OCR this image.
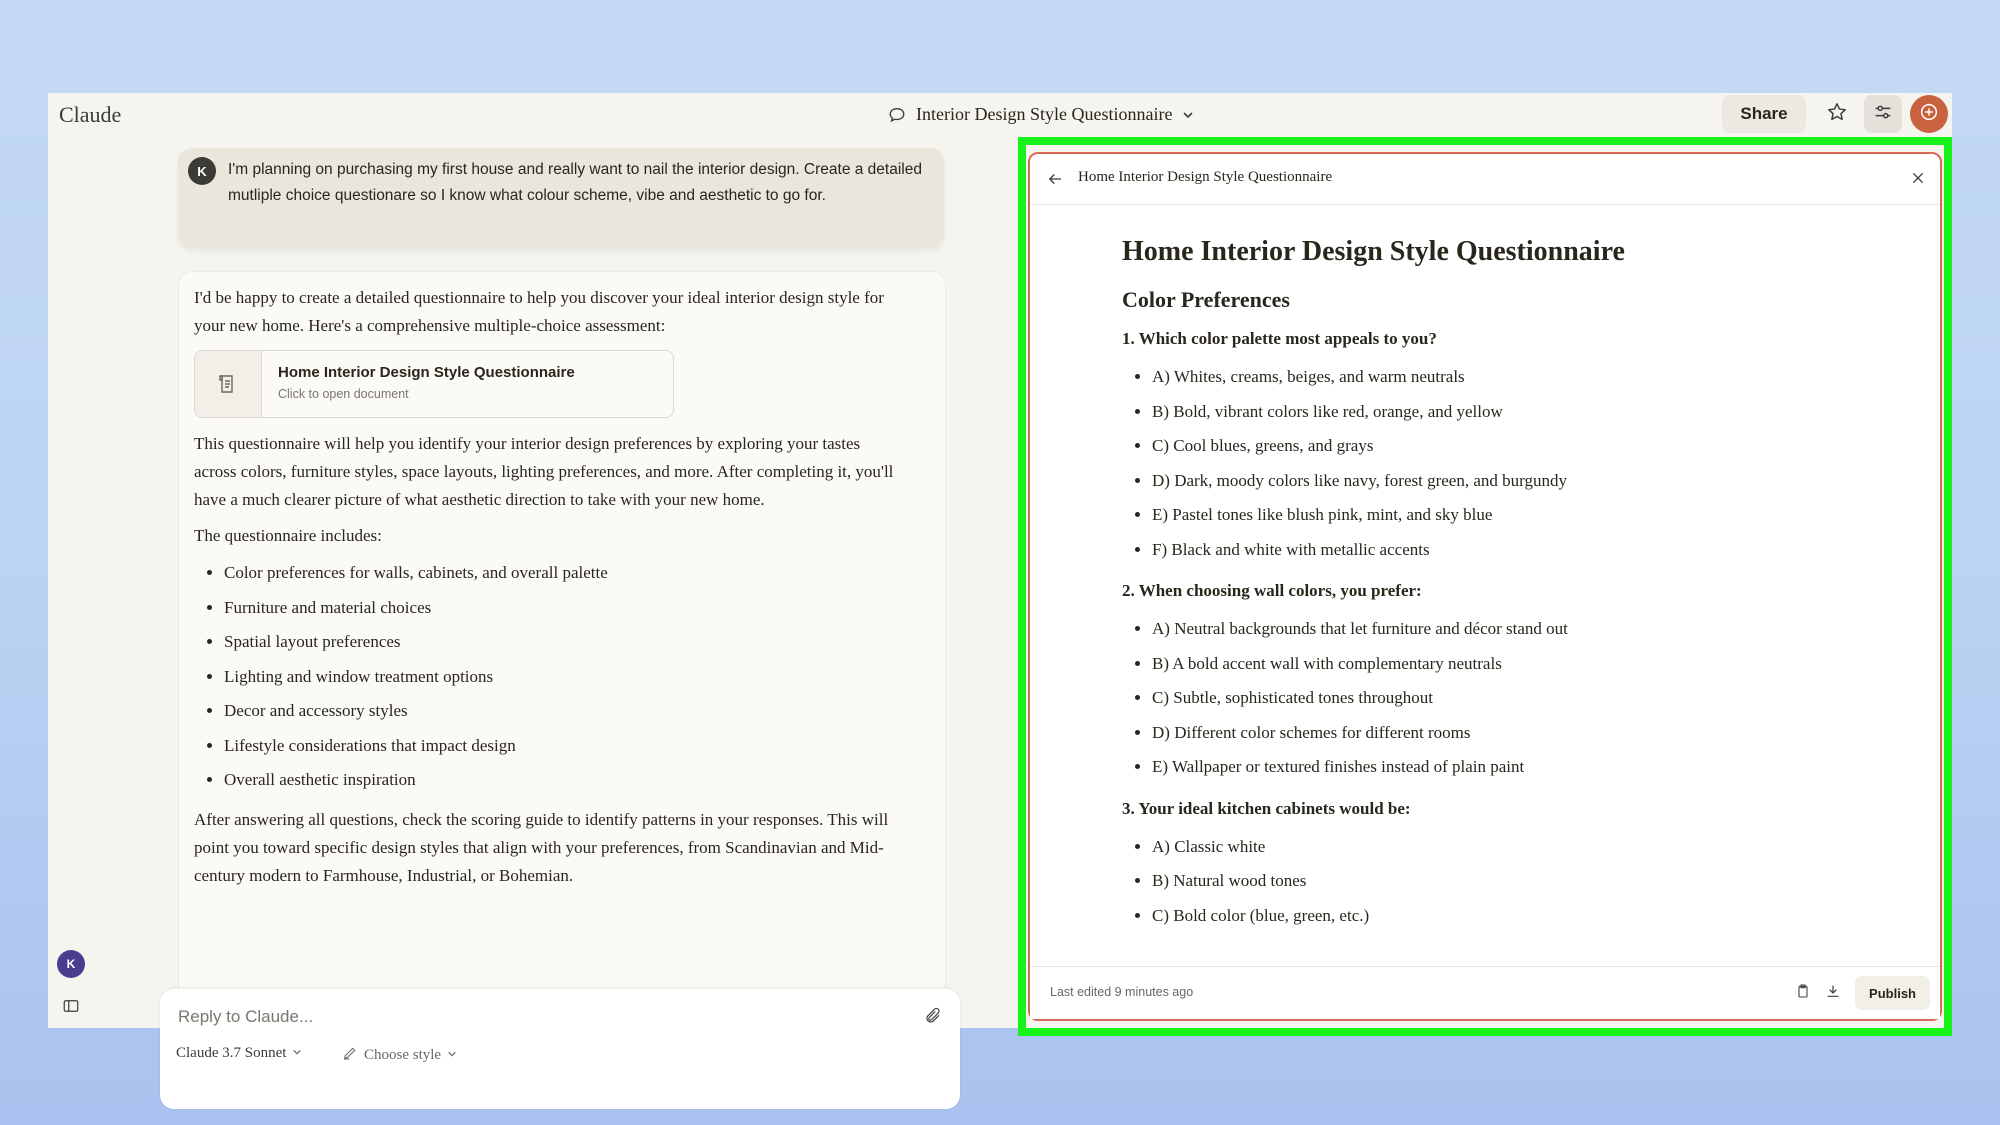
Claude	Interior Design Style Questionnaire	Share
K	I'm planning on purchasing my first house and really want to nail the interior design. Create a detailed mutliple choice questionare so I know what colour scheme, vibe and aesthetic to go for.

I'd be happy to create a detailed questionnaire to help you discover your ideal interior design style for your new home. Here's a comprehensive multiple-choice assessment:

Home Interior Design Style Questionnaire
Click to open document

This questionnaire will help you identify your interior design preferences by exploring your tastes across colors, furniture styles, space layouts, lighting preferences, and more. After completing it, you'll have a much clearer picture of what aesthetic direction to take with your new home.

The questionnaire includes:

• Color preferences for walls, cabinets, and overall palette
• Furniture and material choices
• Spatial layout preferences
• Lighting and window treatment options
• Decor and accessory styles
• Lifestyle considerations that impact design
• Overall aesthetic inspiration

After answering all questions, check the scoring guide to identify patterns in your responses. This will point you toward specific design styles that align with your preferences, from Scandinavian and Mid-century modern to Farmhouse, Industrial, or Bohemian.

Reply to Claude...
Claude 3.7 Sonnet	Choose style
K
Home Interior Design Style Questionnaire
Home Interior Design Style Questionnaire
Color Preferences

1. Which color palette most appeals to you?

• A) Whites, creams, beiges, and warm neutrals
• B) Bold, vibrant colors like red, orange, and yellow
• C) Cool blues, greens, and grays
• D) Dark, moody colors like navy, forest green, and burgundy
• E) Pastel tones like blush pink, mint, and sky blue
• F) Black and white with metallic accents

2. When choosing wall colors, you prefer:

• A) Neutral backgrounds that let furniture and décor stand out
• B) A bold accent wall with complementary neutrals
• C) Subtle, sophisticated tones throughout
• D) Different color schemes for different rooms
• E) Wallpaper or textured finishes instead of plain paint

3. Your ideal kitchen cabinets would be:

• A) Classic white
• B) Natural wood tones
• C) Bold color (blue, green, etc.)
Last edited 9 minutes ago	Publish
